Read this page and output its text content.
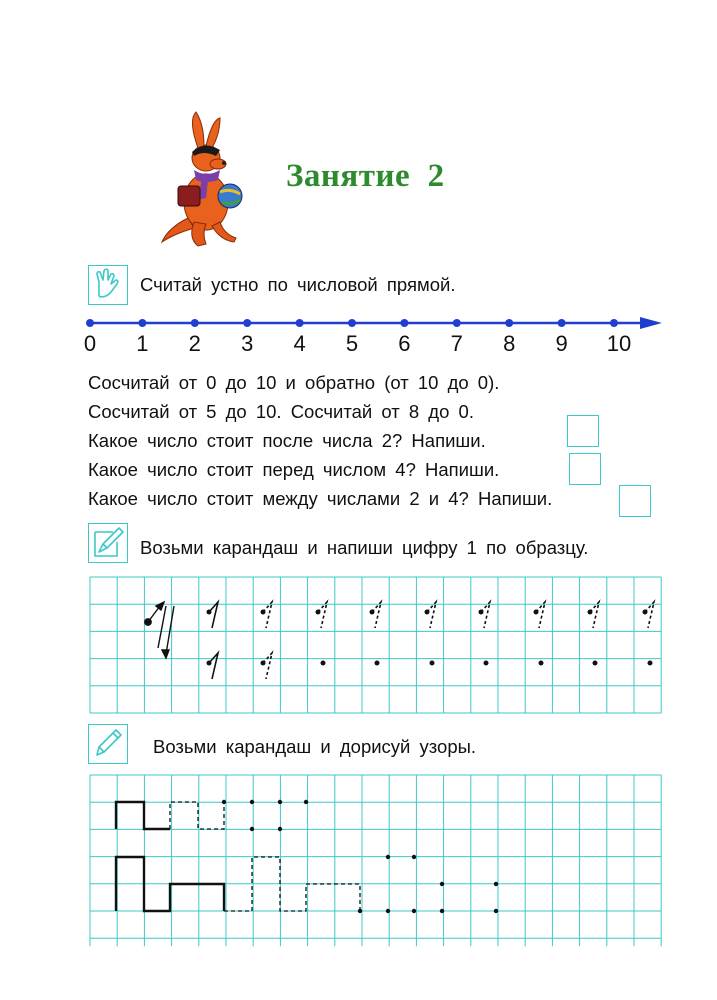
Занятие  2
Считай устно по числовой прямой.
0	1	2	3	4	5	6	7	8	9	10
Сосчитай от 0 до 10 и обратно (от 10 до 0).
Сосчитай от 5 до 10. Сосчитай от 8 до 0.
Какое число стоит после числа 2? Напиши.
Какое число стоит перед числом 4? Напиши.
Какое число стоит между числами 2 и 4? Напиши.
Возьми карандаш и напиши цифру 1 по образцу.
Возьми карандаш и дорисуй узоры.
